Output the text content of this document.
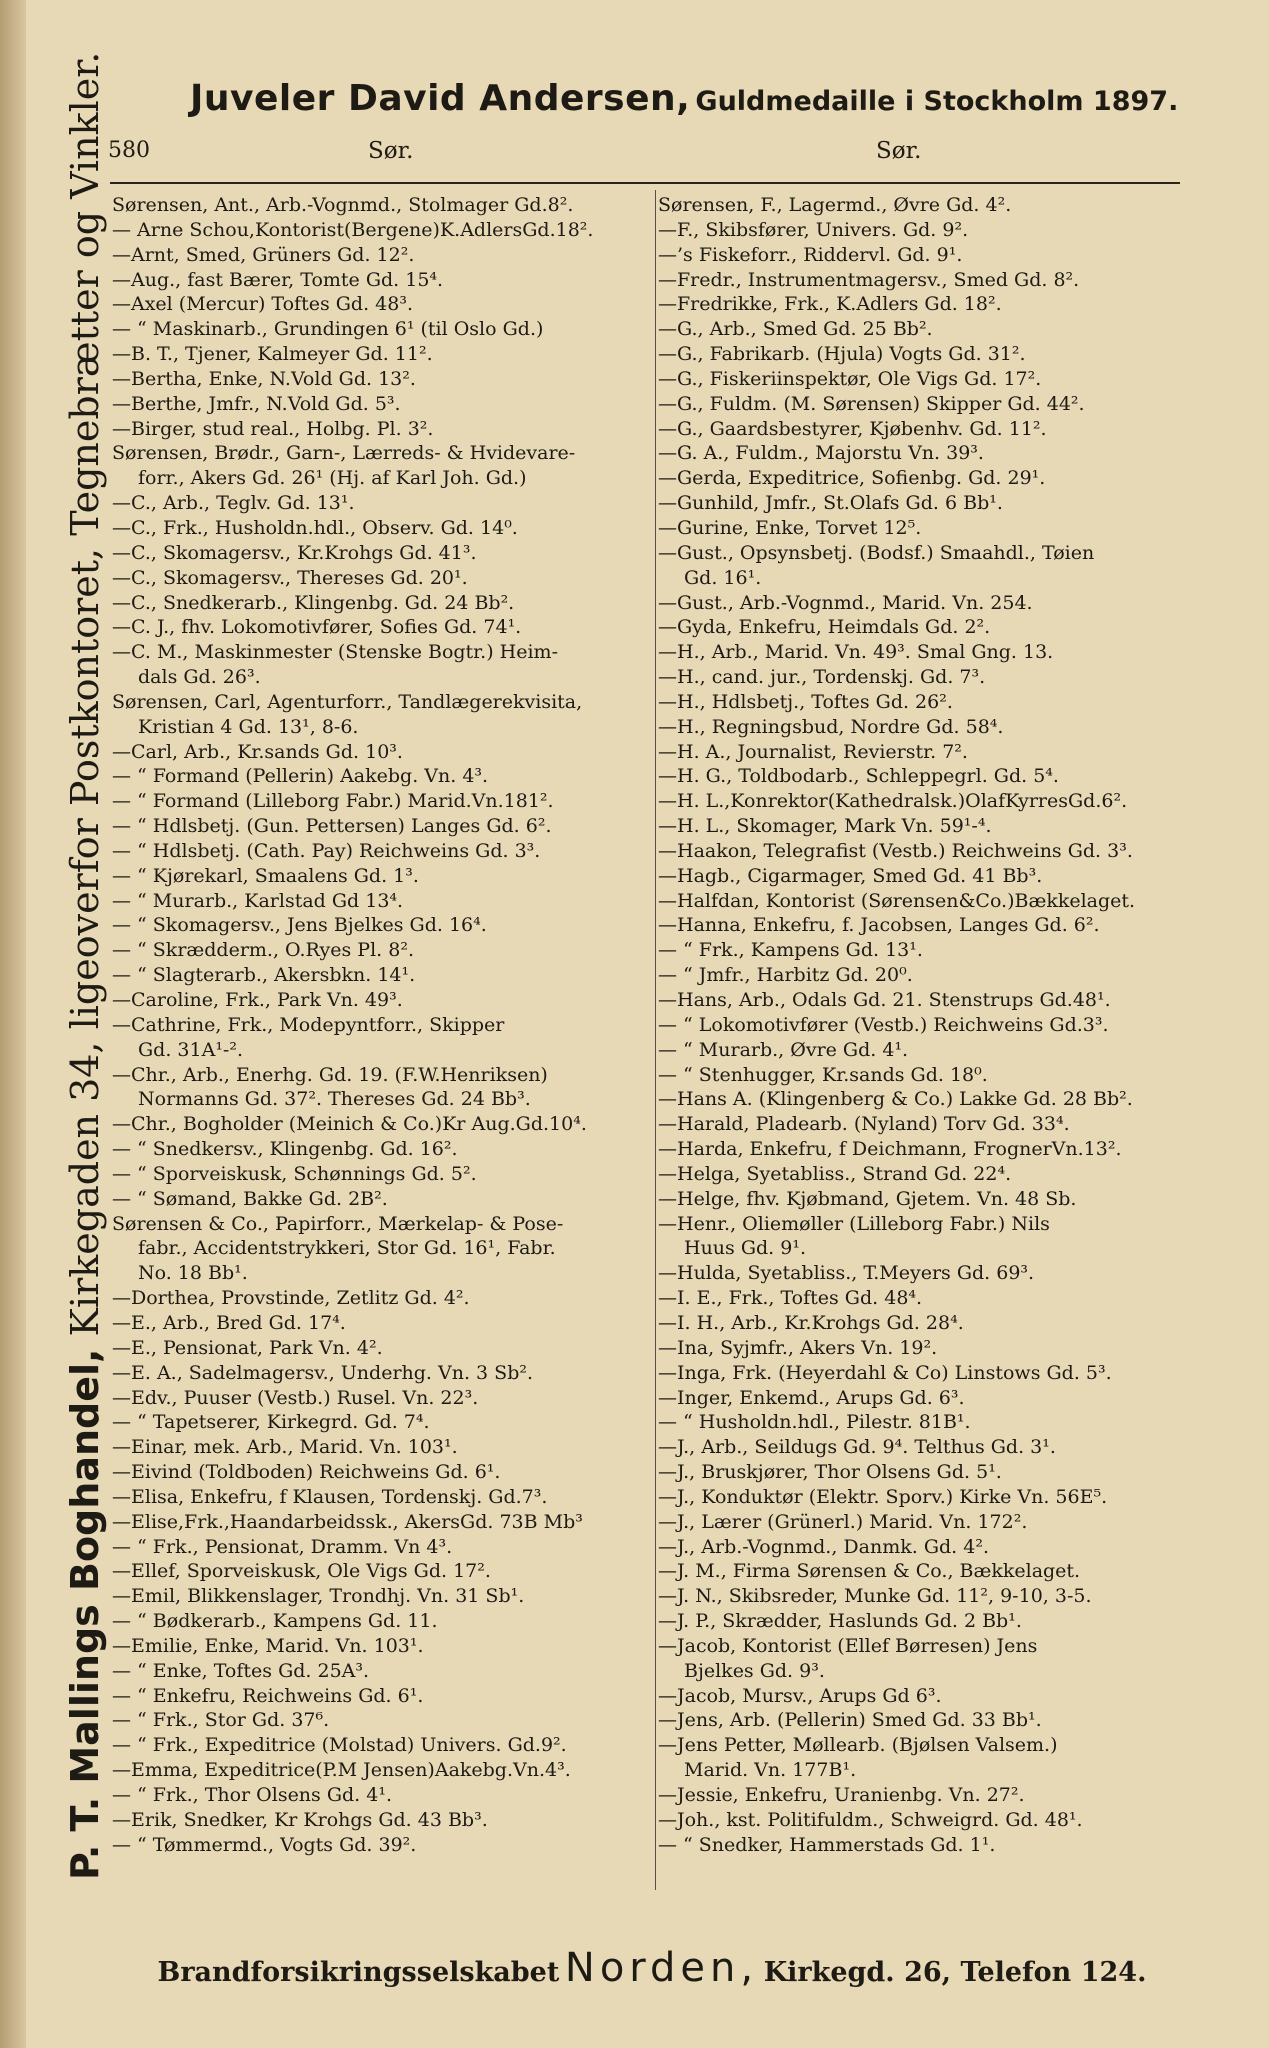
Juveler David Andersen, Guldmedaille i Stockholm 1897.
580	Sør.	Sør.
P. T. Mallings Boghandel, Kirkegaden 34, ligeoverfor Postkontoret, Tegnebrætter og Vinkler. Sørensen, Ant., Arb.-Vognmd., Stolmager Gd.8².
— Arne Schou,Kontorist(Bergene)K.AdlersGd.18².
—Arnt, Smed, Grüners Gd. 12².
—Aug., fast Bærer, Tomte Gd. 15⁴.
—Axel (Mercur) Toftes Gd. 48³.
— “ Maskinarb., Grundingen 6¹ (til Oslo Gd.)
—B. T., Tjener, Kalmeyer Gd. 11².
—Bertha, Enke, N.Vold Gd. 13².
—Berthe, Jmfr., N.Vold Gd. 5³.
—Birger, stud real., Holbg. Pl. 3².
Sørensen, Brødr., Garn-, Lærreds- & Hvidevare-
forr., Akers Gd. 26¹ (Hj. af Karl Joh. Gd.)
—C., Arb., Teglv. Gd. 13¹.
—C., Frk., Husholdn.hdl., Observ. Gd. 14⁰.
—C., Skomagersv., Kr.Krohgs Gd. 41³.
—C., Skomagersv., Thereses Gd. 20¹.
—C., Snedkerarb., Klingenbg. Gd. 24 Bb².
—C. J., fhv. Lokomotivfører, Sofies Gd. 74¹.
—C. M., Maskinmester (Stenske Bogtr.) Heim-
dals Gd. 26³.
Sørensen, Carl, Agenturforr., Tandlægerekvisita,
Kristian 4 Gd. 13¹, 8-6.
—Carl, Arb., Kr.sands Gd. 10³.
— “ Formand (Pellerin) Aakebg. Vn. 4³.
— “ Formand (Lilleborg Fabr.) Marid.Vn.181².
— “ Hdlsbetj. (Gun. Pettersen) Langes Gd. 6².
— “ Hdlsbetj. (Cath. Pay) Reichweins Gd. 3³.
— “ Kjørekarl, Smaalens Gd. 1³.
— “ Murarb., Karlstad Gd 13⁴.
— “ Skomagersv., Jens Bjelkes Gd. 16⁴.
— “ Skrædderm., O.Ryes Pl. 8².
— “ Slagterarb., Akersbkn. 14¹.
—Caroline, Frk., Park Vn. 49³.
—Cathrine, Frk., Modepyntforr., Skipper
Gd. 31A¹-².
—Chr., Arb., Enerhg. Gd. 19. (F.W.Henriksen)
Normanns Gd. 37². Thereses Gd. 24 Bb³.
—Chr., Bogholder (Meinich & Co.)Kr Aug.Gd.10⁴.
— “ Snedkersv., Klingenbg. Gd. 16².
— “ Sporveiskusk, Schønnings Gd. 5².
— “ Sømand, Bakke Gd. 2B².
Sørensen & Co., Papirforr., Mærkelap- & Pose-
fabr., Accidentstrykkeri, Stor Gd. 16¹, Fabr.
No. 18 Bb¹.
—Dorthea, Provstinde, Zetlitz Gd. 4².
—E., Arb., Bred Gd. 17⁴.
—E., Pensionat, Park Vn. 4².
—E. A., Sadelmagersv., Underhg. Vn. 3 Sb².
—Edv., Puuser (Vestb.) Rusel. Vn. 22³.
— “ Tapetserer, Kirkegrd. Gd. 7⁴.
—Einar, mek. Arb., Marid. Vn. 103¹.
—Eivind (Toldboden) Reichweins Gd. 6¹.
—Elisa, Enkefru, f Klausen, Tordenskj. Gd.7³.
—Elise,Frk.,Haandarbeidssk., AkersGd. 73B Mb³
— “ Frk., Pensionat, Dramm. Vn 4³.
—Ellef, Sporveiskusk, Ole Vigs Gd. 17².
—Emil, Blikkenslager, Trondhj. Vn. 31 Sb¹.
— “ Bødkerarb., Kampens Gd. 11.
—Emilie, Enke, Marid. Vn. 103¹.
— “ Enke, Toftes Gd. 25A³.
— “ Enkefru, Reichweins Gd. 6¹.
— “ Frk., Stor Gd. 37⁶.
— “ Frk., Expeditrice (Molstad) Univers. Gd.9².
—Emma, Expeditrice(P.M Jensen)Aakebg.Vn.4³.
— “ Frk., Thor Olsens Gd. 4¹.
—Erik, Snedker, Kr Krohgs Gd. 43 Bb³.
— “ Tømmermd., Vogts Gd. 39².
Sørensen, F., Lagermd., Øvre Gd. 4².
—F., Skibsfører, Univers. Gd. 9².
—’s Fiskeforr., Riddervl. Gd. 9¹.
—Fredr., Instrumentmagersv., Smed Gd. 8².
—Fredrikke, Frk., K.Adlers Gd. 18².
—G., Arb., Smed Gd. 25 Bb².
—G., Fabrikarb. (Hjula) Vogts Gd. 31².
—G., Fiskeriinspektør, Ole Vigs Gd. 17².
—G., Fuldm. (M. Sørensen) Skipper Gd. 44².
—G., Gaardsbestyrer, Kjøbenhv. Gd. 11².
—G. A., Fuldm., Majorstu Vn. 39³.
—Gerda, Expeditrice, Sofienbg. Gd. 29¹.
—Gunhild, Jmfr., St.Olafs Gd. 6 Bb¹.
—Gurine, Enke, Torvet 12⁵.
—Gust., Opsynsbetj. (Bodsf.) Smaahdl., Tøien
Gd. 16¹.
—Gust., Arb.-Vognmd., Marid. Vn. 254.
—Gyda, Enkefru, Heimdals Gd. 2².
—H., Arb., Marid. Vn. 49³. Smal Gng. 13.
—H., cand. jur., Tordenskj. Gd. 7³.
—H., Hdlsbetj., Toftes Gd. 26².
—H., Regningsbud, Nordre Gd. 58⁴.
—H. A., Journalist, Revierstr. 7².
—H. G., Toldbodarb., Schleppegrl. Gd. 5⁴.
—H. L.,Konrektor(Kathedralsk.)OlafKyrresGd.6².
—H. L., Skomager, Mark Vn. 59¹-⁴.
—Haakon, Telegrafist (Vestb.) Reichweins Gd. 3³.
—Hagb., Cigarmager, Smed Gd. 41 Bb³.
—Halfdan, Kontorist (Sørensen&Co.)Bækkelaget.
—Hanna, Enkefru, f. Jacobsen, Langes Gd. 6².
— “ Frk., Kampens Gd. 13¹.
— “ Jmfr., Harbitz Gd. 20⁰.
—Hans, Arb., Odals Gd. 21. Stenstrups Gd.48¹.
— “ Lokomotivfører (Vestb.) Reichweins Gd.3³.
— “ Murarb., Øvre Gd. 4¹.
— “ Stenhugger, Kr.sands Gd. 18⁰.
—Hans A. (Klingenberg & Co.) Lakke Gd. 28 Bb².
—Harald, Pladearb. (Nyland) Torv Gd. 33⁴.
—Harda, Enkefru, f Deichmann, FrognerVn.13².
—Helga, Syetabliss., Strand Gd. 22⁴.
—Helge, fhv. Kjøbmand, Gjetem. Vn. 48 Sb.
—Henr., Oliemøller (Lilleborg Fabr.) Nils
Huus Gd. 9¹.
—Hulda, Syetabliss., T.Meyers Gd. 69³.
—I. E., Frk., Toftes Gd. 48⁴.
—I. H., Arb., Kr.Krohgs Gd. 28⁴.
—Ina, Syjmfr., Akers Vn. 19².
—Inga, Frk. (Heyerdahl & Co) Linstows Gd. 5³.
—Inger, Enkemd., Arups Gd. 6³.
— “ Husholdn.hdl., Pilestr. 81B¹.
—J., Arb., Seildugs Gd. 9⁴. Telthus Gd. 3¹.
—J., Bruskjører, Thor Olsens Gd. 5¹.
—J., Konduktør (Elektr. Sporv.) Kirke Vn. 56E⁵.
—J., Lærer (Grünerl.) Marid. Vn. 172².
—J., Arb.-Vognmd., Danmk. Gd. 4².
—J. M., Firma Sørensen & Co., Bækkelaget.
—J. N., Skibsreder, Munke Gd. 11², 9-10, 3-5.
—J. P., Skrædder, Haslunds Gd. 2 Bb¹.
—Jacob, Kontorist (Ellef Børresen) Jens
Bjelkes Gd. 9³.
—Jacob, Mursv., Arups Gd 6³.
—Jens, Arb. (Pellerin) Smed Gd. 33 Bb¹.
—Jens Petter, Møllearb. (Bjølsen Valsem.)
Marid. Vn. 177B¹.
—Jessie, Enkefru, Uranienbg. Vn. 27².
—Joh., kst. Politifuldm., Schweigrd. Gd. 48¹.
— “ Snedker, Hammerstads Gd. 1¹.
Brandforsikringsselskabet Norden, Kirkegd. 26, Telefon 124.
